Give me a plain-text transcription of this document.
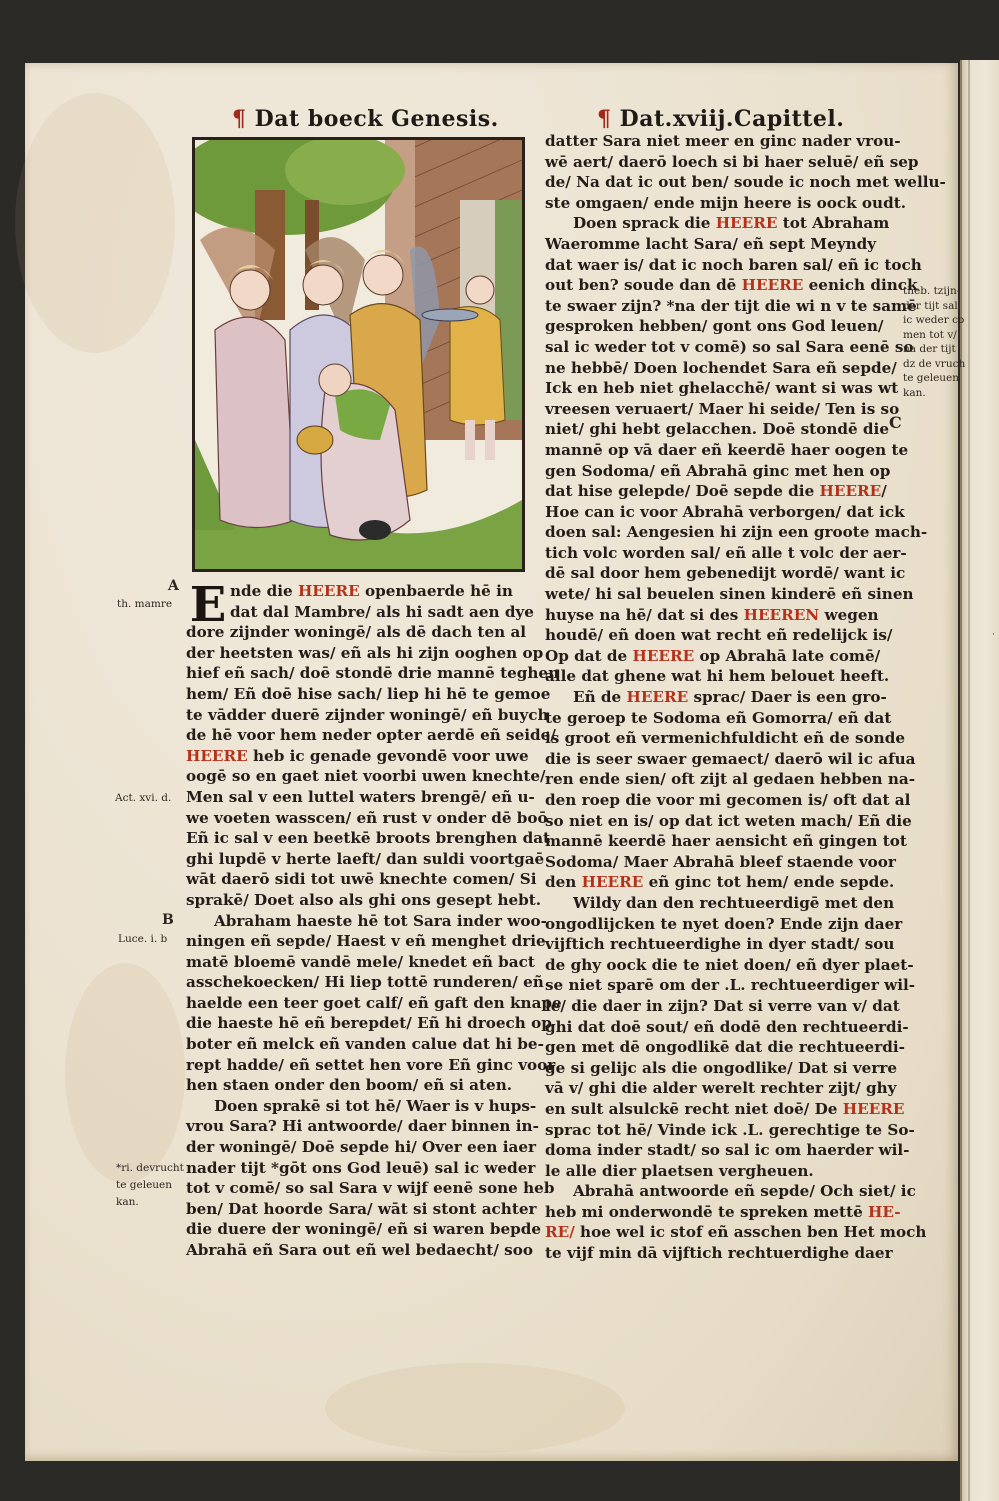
·
¶ Dat boeck Genesis.	¶ Dat.xviij.Capittel.
E nde die HEERE openbaerde hē in

dat dal Mambre/ als hi sadt aen dye

dore zijnder woningē/ als dē dach ten al

der heetsten was/ eñ als hi zijn ooghen op

hief eñ sach/ doē stondē drie mannē teghen

hem/ Eñ doē hise sach/ liep hi hē te gemoe

te vādder duerē zijnder woningē/ eñ buych

de hē voor hem neder opter aerdē eñ seide/

HEERE heb ic genade gevondē voor uwe

oogē so en gaet niet voorbi uwen knechte/

Men sal v een luttel waters brengē/ eñ u-

we voeten wasscen/ eñ rust v onder dē boō

Eñ ic sal v een beetkē broots brenghen dat

ghi lupdē v herte laeft/ dan suldi voortgaē

wāt daerō sidi tot uwē knechte comen/ Si

sprakē/ Doet also als ghi ons gesept hebt.

Abraham haeste hē tot Sara inder woo-

ningen eñ sepde/ Haest v eñ menghet drie

matē bloemē vandē mele/ knedet eñ bact

asschekoecken/ Hi liep tottē runderen/ eñ

haelde een teer goet calf/ eñ gaft den knape

die haeste hē eñ berepdet/ Eñ hi droech op

boter eñ melck eñ vanden calue dat hi be-

rept hadde/ eñ settet hen vore Eñ ginc voor

hen staen onder den boom/ eñ si aten.

Doen sprakē si tot hē/ Waer is v hups-

vrou Sara? Hi antwoorde/ daer binnen in-

der woningē/ Doē sepde hi/ Over een iaer

nader tijt *gōt ons God leuē) sal ic weder

tot v comē/ so sal Sara v wijf eenē sone heb

ben/ Dat hoorde Sara/ wāt si stont achter

die duere der woningē/ eñ si waren bepde

Abrahā eñ Sara out eñ wel bedaecht/ soo

datter Sara niet meer en ginc nader vrou-

wē aert/ daerō loech si bi haer seluē/ eñ sep

de/ Na dat ic out ben/ soude ic noch met wellu-

ste omgaen/ ende mijn heere is oock oudt.

Doen sprack die HEERE tot Abraham

Waeromme lacht Sara/ eñ sept Meyndy

dat waer is/ dat ic noch baren sal/ eñ ic toch

out ben? soude dan dē HEERE eenich dinck

te swaer zijn? *na der tijt die wi n v te samē

gesproken hebben/ gont ons God leuen/

sal ic weder tot v comē) so sal Sara eenē so

ne hebbē/ Doen lochendet Sara eñ sepde/

Ick en heb niet ghelacchē/ want si was wt

vreesen veruaert/ Maer hi seide/ Ten is so

niet/ ghi hebt gelacchen. Doē stondē die

mannē op vā daer eñ keerdē haer oogen te

gen Sodoma/ eñ Abrahā ginc met hen op

dat hise gelepde/ Doē sepde die HEERE/

Hoe can ic voor Abrahā verborgen/ dat ick

doen sal: Aengesien hi zijn een groote mach-

tich volc worden sal/ eñ alle t volc der aer-

dē sal door hem gebenedijt wordē/ want ic

wete/ hi sal beuelen sinen kinderē eñ sinen

huyse na hē/ dat si des HEEREN wegen

houdē/ eñ doen wat recht eñ redelijck is/

Op dat de HEERE op Abrahā late comē/

alle dat ghene wat hi hem belouet heeft.

Eñ de HEERE sprac/ Daer is een gro-

te geroep te Sodoma eñ Gomorra/ eñ dat

is groot eñ vermenichfuldicht eñ de sonde

die is seer swaer gemaect/ daerō wil ic afua

ren ende sien/ oft zijt al gedaen hebben na-

den roep die voor mi gecomen is/ oft dat al

so niet en is/ op dat ict weten mach/ Eñ die

mannē keerdē haer aensicht eñ gingen tot

Sodoma/ Maer Abrahā bleef staende voor

den HEERE eñ ginc tot hem/ ende sepde.

Wildy dan den rechtueerdigē met den

ongodlijcken te nyet doen? Ende zijn daer

vijftich rechtueerdighe in dyer stadt/ sou

de ghy oock die te niet doen/ eñ dyer plaet-

se niet sparē om der .L. rechtueerdiger wil-

le/ die daer in zijn? Dat si verre van v/ dat

ghi dat doē sout/ eñ dodē den rechtueerdi-

gen met dē ongodlikē dat die rechtueerdi-

ge si gelijc als die ongodlike/ Dat si verre

vā v/ ghi die alder werelt rechter zijt/ ghy

en sult alsulckē recht niet doē/ De HEERE

sprac tot hē/ Vinde ick .L. gerechtige te So-

doma inder stadt/ so sal ic om haerder wil-

le alle dier plaetsen vergheuen.

Abrahā antwoorde eñ sepde/ Och siet/ ic

heb mi onderwondē te spreken mettē HE-

RE/ hoe wel ic stof eñ asschen ben Het moch

te vijf min dā vijftich rechtuerdighe daer

A
th. mamre
Act. xvi. d.
B
Luce. i. b
*ri. devrucht
te geleuen
kan.
theb. tzijn-
der tijt sal
ic weder co
men tot v/
na der tijt
dz de vruch
te geleuen
kan.
C
